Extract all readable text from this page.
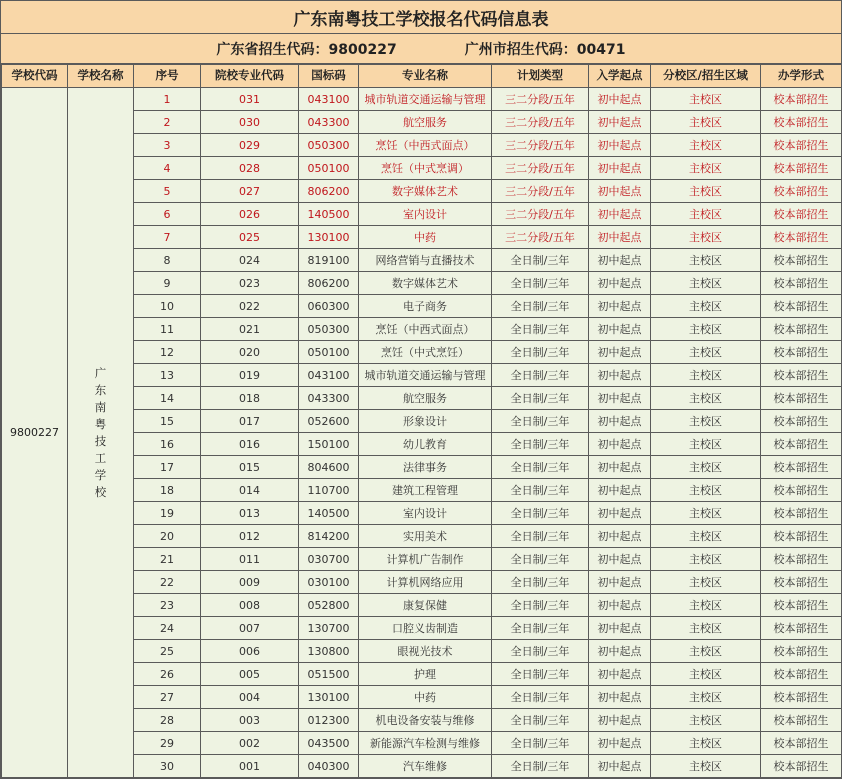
广东南粤技工学校报名代码信息表
广东省招生代码：9800227	广州市招生代码：00471
学校代码	学校名称	序号	院校专业代码	国标码	专业名称	计划类型	入学起点	分校区/招生区域	办学形式
9800227	广东南粤技工学校	1	031	043100	城市轨道交通运输与管理	三二分段/五年	初中起点	主校区	校本部招生
		2	030	043300	航空服务	三二分段/五年	初中起点	主校区	校本部招生
		3	029	050300	烹饪（中西式面点）	三二分段/五年	初中起点	主校区	校本部招生
		4	028	050100	烹饪（中式烹调）	三二分段/五年	初中起点	主校区	校本部招生
		5	027	806200	数字媒体艺术	三二分段/五年	初中起点	主校区	校本部招生
		6	026	140500	室内设计	三二分段/五年	初中起点	主校区	校本部招生
		7	025	130100	中药	三二分段/五年	初中起点	主校区	校本部招生
		8	024	819100	网络营销与直播技术	全日制/三年	初中起点	主校区	校本部招生
		9	023	806200	数字媒体艺术	全日制/三年	初中起点	主校区	校本部招生
		10	022	060300	电子商务	全日制/三年	初中起点	主校区	校本部招生
		11	021	050300	烹饪（中西式面点）	全日制/三年	初中起点	主校区	校本部招生
		12	020	050100	烹饪（中式烹饪）	全日制/三年	初中起点	主校区	校本部招生
		13	019	043100	城市轨道交通运输与管理	全日制/三年	初中起点	主校区	校本部招生
		14	018	043300	航空服务	全日制/三年	初中起点	主校区	校本部招生
		15	017	052600	形象设计	全日制/三年	初中起点	主校区	校本部招生
		16	016	150100	幼儿教育	全日制/三年	初中起点	主校区	校本部招生
		17	015	804600	法律事务	全日制/三年	初中起点	主校区	校本部招生
		18	014	110700	建筑工程管理	全日制/三年	初中起点	主校区	校本部招生
		19	013	140500	室内设计	全日制/三年	初中起点	主校区	校本部招生
		20	012	814200	实用美术	全日制/三年	初中起点	主校区	校本部招生
		21	011	030700	计算机广告制作	全日制/三年	初中起点	主校区	校本部招生
		22	009	030100	计算机网络应用	全日制/三年	初中起点	主校区	校本部招生
		23	008	052800	康复保健	全日制/三年	初中起点	主校区	校本部招生
		24	007	130700	口腔义齿制造	全日制/三年	初中起点	主校区	校本部招生
		25	006	130800	眼视光技术	全日制/三年	初中起点	主校区	校本部招生
		26	005	051500	护理	全日制/三年	初中起点	主校区	校本部招生
		27	004	130100	中药	全日制/三年	初中起点	主校区	校本部招生
		28	003	012300	机电设备安装与维修	全日制/三年	初中起点	主校区	校本部招生
		29	002	043500	新能源汽车检测与维修	全日制/三年	初中起点	主校区	校本部招生
		30	001	040300	汽车维修	全日制/三年	初中起点	主校区	校本部招生
